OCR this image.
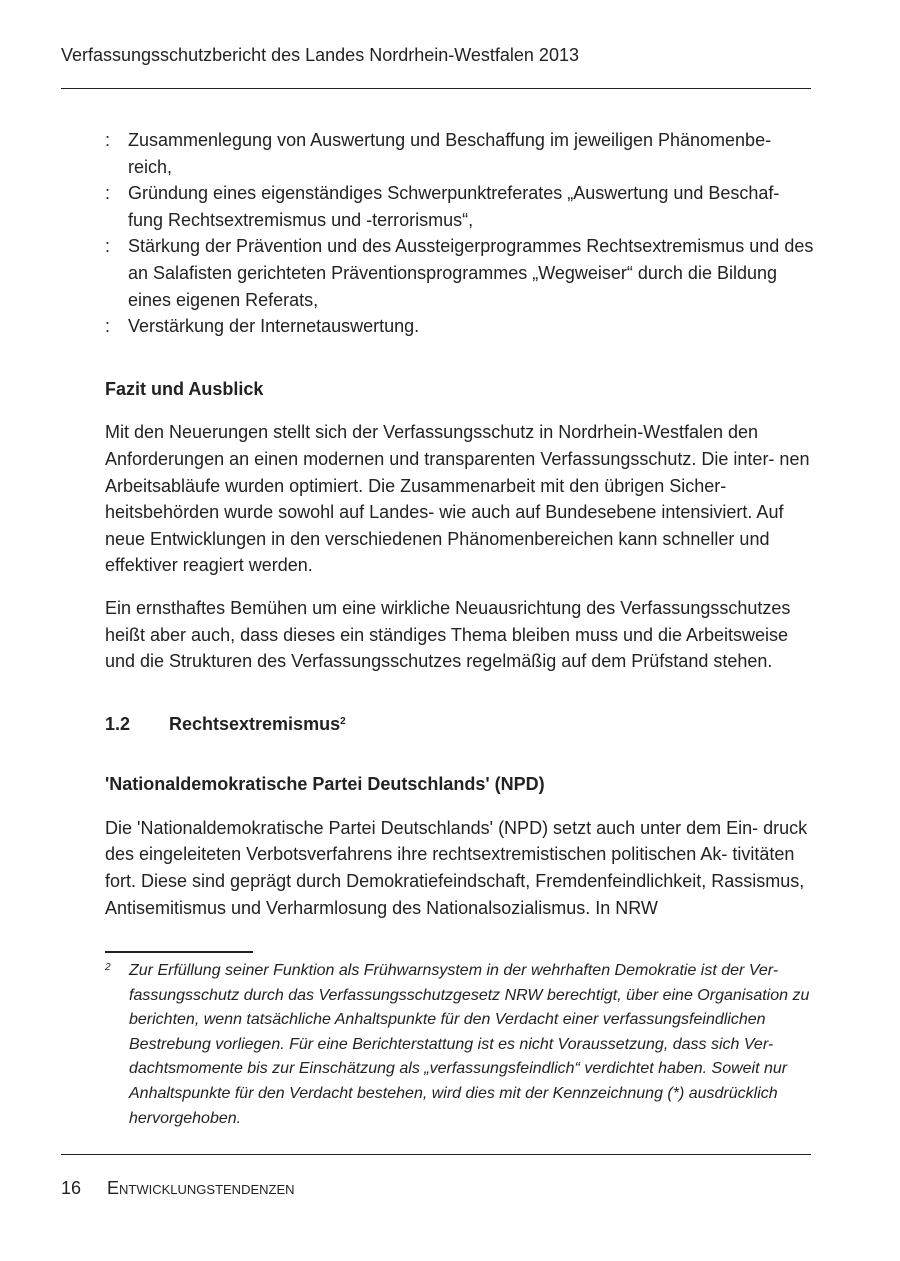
Verfassungsschutzbericht des Landes Nordrhein-Westfalen 2013
: Zusammenlegung von Auswertung und Beschaffung im jeweiligen Phänomenbe- reich,
: Gründung eines eigenständiges Schwerpunktreferates „Auswertung und Beschaf- fung Rechtsextremismus und -terrorismus“,
: Stärkung der Prävention und des Aussteigerprogrammes Rechtsextremismus und des an Salafisten gerichteten Präventionsprogrammes „Wegweiser“ durch die Bildung eines eigenen Referats,
: Verstärkung der Internetauswertung.
Fazit und Ausblick

Mit den Neuerungen stellt sich der Verfassungsschutz in Nordrhein-Westfalen den Anforderungen an einen modernen und transparenten Verfassungsschutz. Die inter- nen Arbeitsabläufe wurden optimiert. Die Zusammenarbeit mit den übrigen Sicher- heitsbehörden wurde sowohl auf Landes- wie auch auf Bundesebene intensiviert. Auf neue Entwicklungen in den verschiedenen Phänomenbereichen kann schneller und effektiver reagiert werden.

Ein ernsthaftes Bemühen um eine wirkliche Neuausrichtung des Verfassungsschutzes heißt aber auch, dass dieses ein ständiges Thema bleiben muss und die Arbeitsweise und die Strukturen des Verfassungsschutzes regelmäßig auf dem Prüfstand stehen.

1.2 Rechtsextremismus$^2$
'Nationaldemokratische Partei Deutschlands' (NPD)

Die 'Nationaldemokratische Partei Deutschlands' (NPD) setzt auch unter dem Ein- druck des eingeleiteten Verbotsverfahrens ihre rechtsextremistischen politischen Ak- tivitäten fort. Diese sind geprägt durch Demokratiefeindschaft, Fremdenfeindlichkeit, Rassismus, Antisemitismus und Verharmlosung des Nationalsozialismus. In NRW

2 Zur Erfüllung seiner Funktion als Frühwarnsystem in der wehrhaften Demokratie ist der Ver- fassungsschutz durch das Verfassungsschutzgesetz NRW berechtigt, über eine Organisation zu berichten, wenn tatsächliche Anhaltspunkte für den Verdacht einer verfassungsfeindlichen Bestrebung vorliegen. Für eine Berichterstattung ist es nicht Voraussetzung, dass sich Ver- dachtsmomente bis zur Einschätzung als „verfassungsfeindlich“ verdichtet haben. Soweit nur Anhaltspunkte für den Verdacht bestehen, wird dies mit der Kennzeichnung (*) ausdrücklich hervorgehoben.
16 Entwicklungstendenzen
